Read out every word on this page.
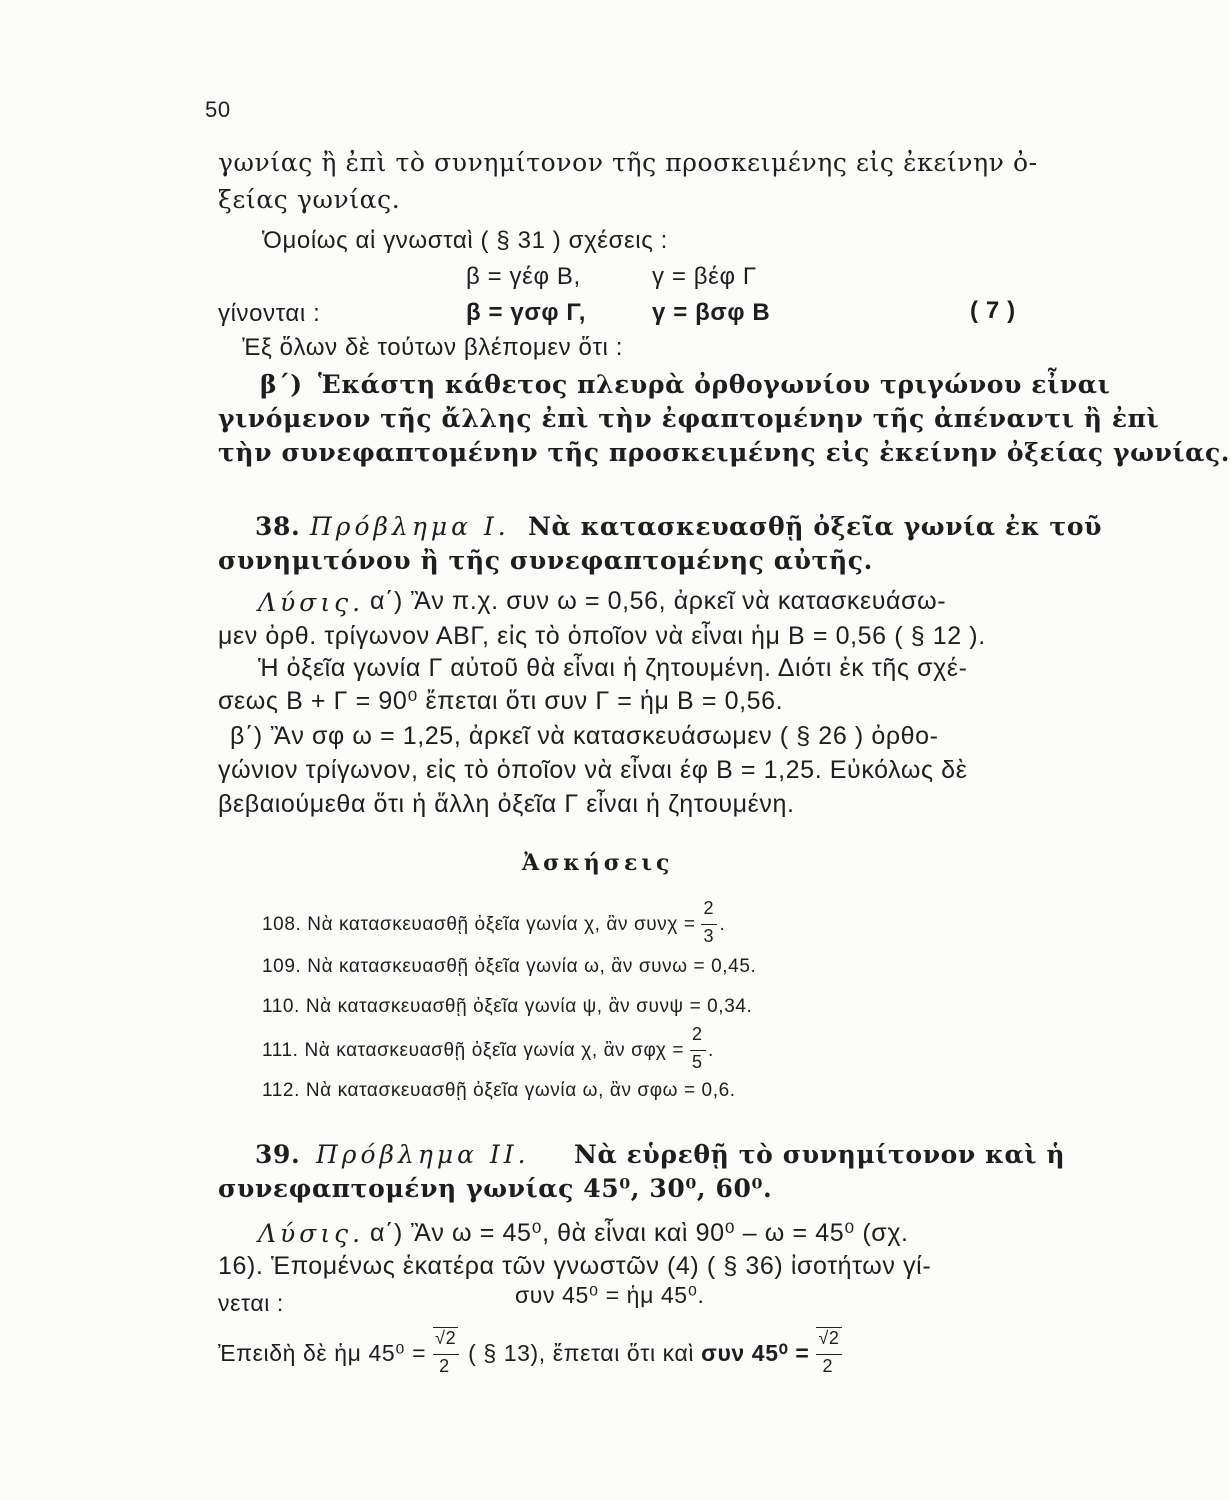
50
γωνίας ἢ ἐπὶ τὸ συνημίτονον τῆς προσκειμένης εἰς ἐκείνην ὀ-
ξείας γωνίας.
Ὁμοίως αἱ γνωσταὶ ( § 31 ) σχέσεις :
β = γέφ Β,	γ = βέφ Γ
γίνονται :	β = γσφ Γ,	γ = βσφ Β	( 7 )
Ἐξ ὅλων δὲ τούτων βλέπομεν ὅτι :
β΄) Ἑκάστη κάθετος πλευρὰ ὀρθογωνίου τριγώνου εἶναι
γινόμενον τῆς ἄλλης ἐπὶ τὴν ἐφαπτομένην τῆς ἀπέναντι ἢ ἐπὶ
τὴν συνεφαπτομένην τῆς προσκειμένης εἰς ἐκείνην ὀξείας γωνίας.
38. Πρόβλημα Ι. Νὰ κατασκευασθῇ ὀξεῖα γωνία ἐκ τοῦ
συνημιτόνου ἢ τῆς συνεφαπτομένης αὐτῆς.
Λύσις. α΄) Ἂν π.χ. συν ω = 0,56, ἀρκεῖ νὰ κατασκευάσω-
μεν ὀρθ. τρίγωνον ΑΒΓ, εἰς τὸ ὁποῖον νὰ εἶναι ἡμ Β = 0,56 ( § 12 ).
Ἡ ὀξεῖα γωνία Γ αὐτοῦ θὰ εἶναι ἡ ζητουμένη. Διότι ἐκ τῆς σχέ-
σεως Β + Γ = 90⁰ ἔπεται ὅτι συν Γ = ἡμ Β = 0,56.
β΄) Ἂν σφ ω = 1,25, ἀρκεῖ νὰ κατασκευάσωμεν ( § 26 ) ὀρθο-
γώνιον τρίγωνον, εἰς τὸ ὁποῖον νὰ εἶναι έφ Β = 1,25. Εὐκόλως δὲ
βεβαιούμεθα ὅτι ἡ ἄλλη ὀξεῖα Γ εἶναι ἡ ζητουμένη.
Ἀσκήσεις
108. Νὰ κατασκευασθῇ ὀξεῖα γωνία χ, ἂν $\sigma\upsilon\nu\chi = \frac{2}{3}$ .
109. Νὰ κατασκευασθῇ ὀξεῖα γωνία ω, ἂν συνω = 0,45.
110. Νὰ κατασκευασθῇ ὀξεῖα γωνία ψ, ἂν συνψ = 0,34.
111. Νὰ κατασκευασθῇ ὀξεῖα γωνία χ, ἂν $\sigma\varphi\chi = \frac{2}{5}$ .
112. Νὰ κατασκευασθῇ ὀξεῖα γωνία ω, ἂν σφω = 0,6.
39. Πρόβλημα ΙΙ. Νὰ εὑρεθῇ τὸ συνημίτονον καὶ ἡ
συνεφαπτομένη γωνίας 45⁰, 30⁰, 60⁰.
Λύσις. α΄) Ἂν ω = 45⁰, θὰ εἶναι καὶ 90⁰ – ω = 45⁰ (σχ.
16). Ἑπομένως ἑκατέρα τῶν γνωστῶν (4) ( § 36) ἰσοτήτων γί-
νεται :	συν 45⁰ = ἡμ 45⁰.
Ἐπειδὴ δὲ ἡμ $45^0 = \frac{√2}{2}$ ( § 13), ἔπεται ὅτι καὶ συν $45^0 = \frac{√2}{2}$
